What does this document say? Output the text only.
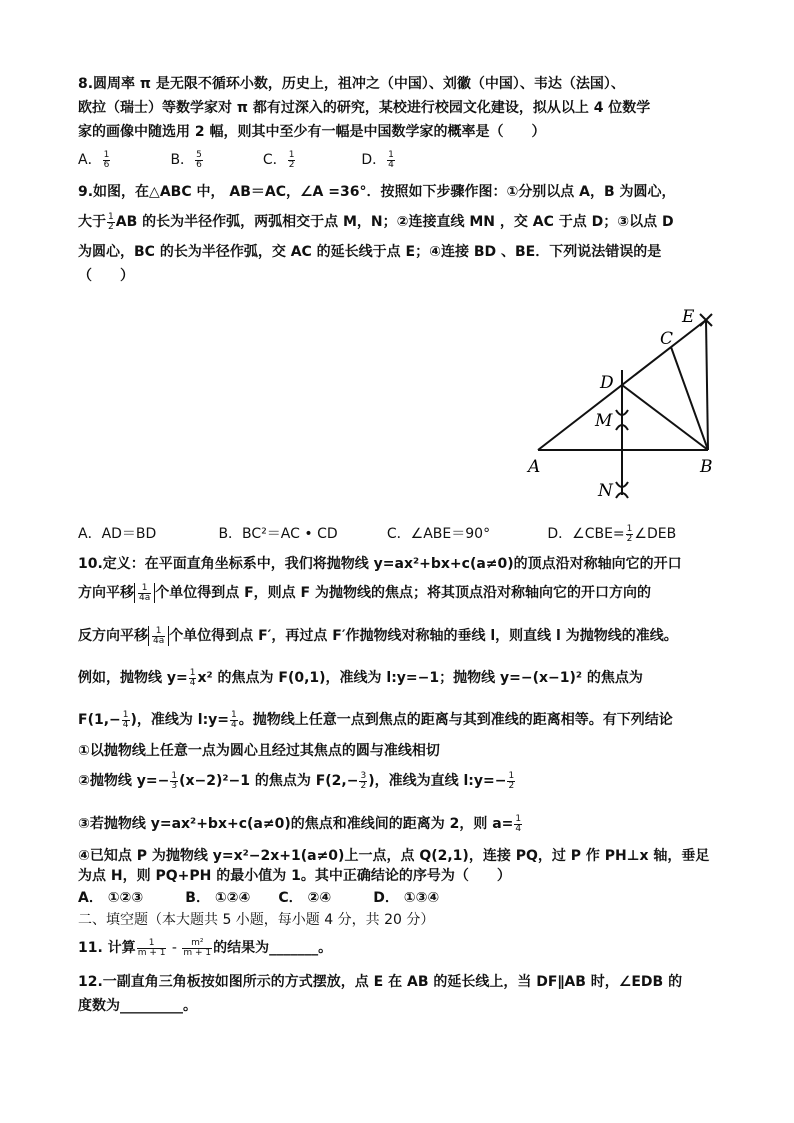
8.圆周率 π 是无限不循环小数，历史上，祖冲之（中国）、刘徽（中国）、韦达（法国）、
欧拉（瑞士）等数学家对 π 都有过深入的研究，某校进行校园文化建设，拟从以上 4 位数学
家的画像中随选用 2 幅，则其中至少有一幅是中国数学家的概率是（　　）
A． $\frac{1}{6}$	B． $\frac{5}{6}$	C． $\frac{1}{2}$	D． $\frac{1}{4}$
9.如图，在△ABC 中， AB＝AC，∠A =36°．按照如下步骤作图：①分别以点 A，B 为圆心，
大于 $\frac{1}{2}$ AB 的长为半径作弧，两弧相交于点 M，N；②连接直线 MN ，交 AC 于点 D；③以点 D
为圆心，BC 的长为半径作弧，交 AC 的延长线于点 E；④连接 BD 、BE．下列说法错误的是
（　　）
A	B
C
D
E
M
N
A．AD＝BD	B．BC²＝AC • CD	C．∠ABE＝90°	D．∠CBE= $\frac{1}{2}$ ∠DEB
10.定义：在平面直角坐标系中，我们将抛物线 y=ax²+bx+c(a≠0)的顶点沿对称轴向它的开口
方向平移 $\frac{1}{4a}$ 个单位得到点 F，则点 F 为抛物线的焦点；将其顶点沿对称轴向它的开口方向的
反方向平移 $\frac{1}{4a}$ 个单位得到点 F′，再过点 F′作抛物线对称轴的垂线 l，则直线 l 为抛物线的准线。
例如，抛物线 $y= \frac{1}{4} x^2$ 的焦点为 F(0,1)，准线为 l:y=−1；抛物线 y=−(x−1)² 的焦点为
$F(1,- \frac{1}{4}$ )，准线为 l:y= $\frac{1}{4}$ 。抛物线上任意一点到焦点的距离与其到准线的距离相等。有下列结论
①以抛物线上任意一点为圆心且经过其焦点的圆与准线相切
②抛物线 $y=- \frac{1}{3} (x-2)^2-1$ 的焦点为 $F(2,- \frac{3}{2}$ )，准线为直线 l:y=− $\frac{1}{2}$
③若抛物线 y=ax²+bx+c(a≠0)的焦点和准线间的距离为 2，则 $a= \frac{1}{4}$
④已知点 P 为抛物线 y=x²−2x+1(a≠0)上一点，点 Q(2,1)，连接 PQ，过 P 作 PH⊥x 轴，垂足
为点 H，则 PQ+PH 的最小值为 1。其中正确结论的序号为（　　）
A． ①②③　　　B． ①②④　　C． ②④　　　D． ①③④
二、填空题（本大题共 5 小题，每小题 4 分，共 20 分）
11. 计算 $\frac{1}{m + 1} - \frac{\text{m²}}{m + 1}$ 的结果为_______。
12.一副直角三角板按如图所示的方式摆放，点 E 在 AB 的延长线上，当 DF∥AB 时，∠EDB 的
度数为_________。
